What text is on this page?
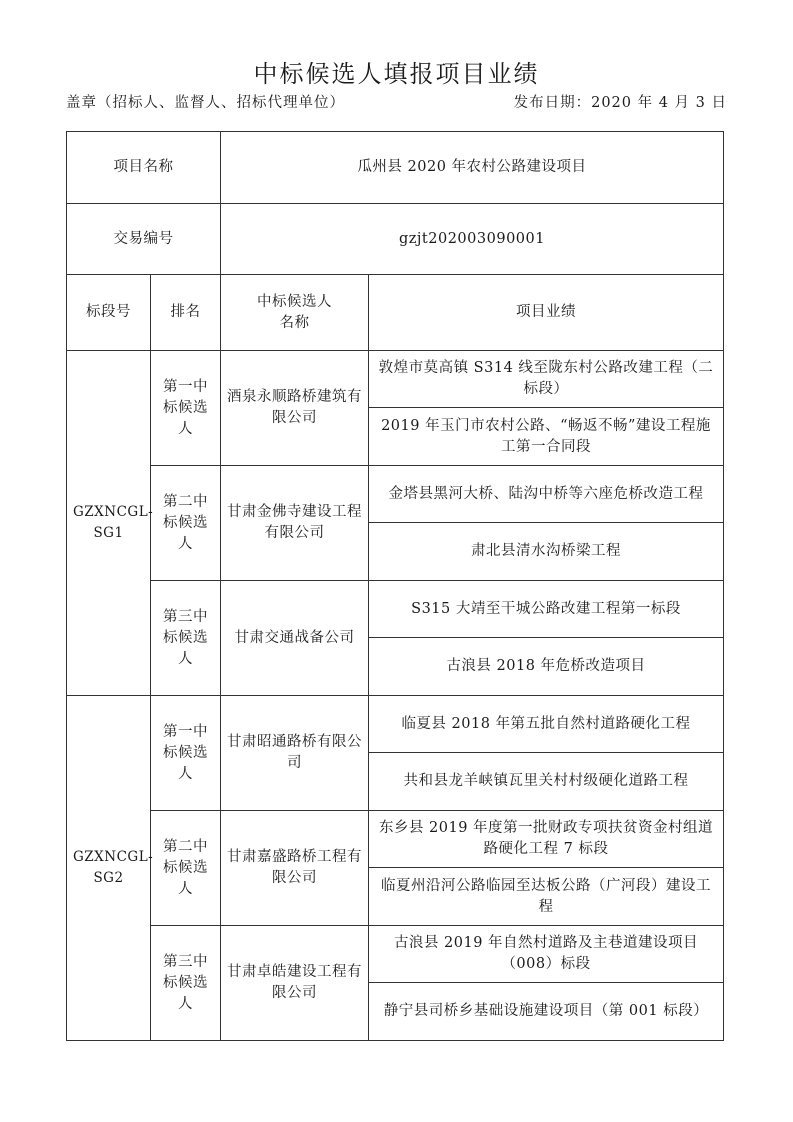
中标候选人填报项目业绩
盖章（招标人、监督人、招标代理单位）	发布日期：2020 年 4 月 3 日
项目名称		瓜州县 2020 年农村公路建设项目	
交易编号		gzjt202003090001	
标段号	排名	中标候选人名称	项目业绩
GZXNCGL-SG1	第一中标候选人	酒泉永顺路桥建筑有限公司	敦煌市莫高镇 S314 线至陇东村公路改建工程（二标段）
			2019 年玉门市农村公路、“畅返不畅”建设工程施工第一合同段
	第二中标候选人	甘肃金佛寺建设工程有限公司	金塔县黑河大桥、陆沟中桥等六座危桥改造工程
			肃北县清水沟桥梁工程
	第三中标候选人	甘肃交通战备公司	S315 大靖至干城公路改建工程第一标段
			古浪县 2018 年危桥改造项目
GZXNCGL-SG2	第一中标候选人	甘肃昭通路桥有限公司	临夏县 2018 年第五批自然村道路硬化工程
			共和县龙羊峡镇瓦里关村村级硬化道路工程
	第二中标候选人	甘肃嘉盛路桥工程有限公司	东乡县 2019 年度第一批财政专项扶贫资金村组道路硬化工程 7 标段
			临夏州沿河公路临园至达板公路（广河段）建设工程
	第三中标候选人	甘肃卓皓建设工程有限公司	古浪县 2019 年自然村道路及主巷道建设项目（008）标段
			静宁县司桥乡基础设施建设项目（第 001 标段）
